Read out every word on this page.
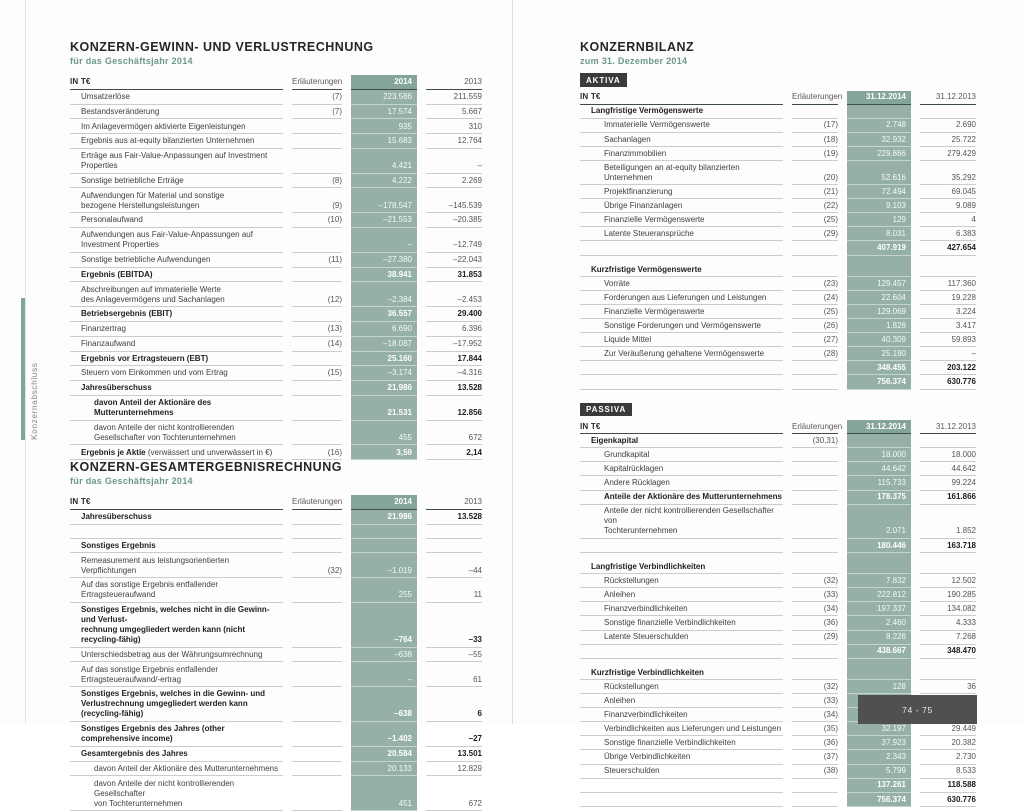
Konzernabschluss
KONZERN-GEWINN- UND VERLUSTRECHNUNG
für das Geschäftsjahr 2014
IN T€	Erläuterungen	2014	2013
Umsatzerlöse	(7)	223.586	211.559
Bestandsveränderung	(7)	17.574	5.667
Im Anlagevermögen aktivierte Eigenleistungen	935	310
Ergebnis aus at-equity bilanzierten Unternehmen	15.683	12.764
Erträge aus Fair-Value-Anpassungen auf Investment Properties	4.421	–
Sonstige betriebliche Erträge	(8)	4.222	2.269
Aufwendungen für Material und sonstige
bezogene Herstellungsleistungen	(9)	–178.547	–145.539
Personalaufwand	(10)	–21.553	–20.385
Aufwendungen aus Fair-Value-Anpassungen auf Investment Properties	–	–12.749
Sonstige betriebliche Aufwendungen	(11)	–27.380	–22.043
Ergebnis (EBITDA)	38.941	31.853
Abschreibungen auf immaterielle Werte
des Anlagevermögens und Sachanlagen	(12)	–2.384	–2.453
Betriebsergebnis (EBIT)	36.557	29.400
Finanzertrag	(13)	6.690	6.396
Finanzaufwand	(14)	–18.087	–17.952
Ergebnis vor Ertragsteuern (EBT)	25.160	17.844
Steuern vom Einkommen und vom Ertrag	(15)	–3.174	–4.316
Jahresüberschuss	21.986	13.528
davon Anteil der Aktionäre des Mutterunternehmens	21.531	12.856
davon Anteile der nicht kontrollierenden
Gesellschafter von Tochterunternehmen	455	672
Ergebnis je Aktie (verwässert und unverwässert in €)	(16)	3,59	2,14
KONZERN-GESAMTERGEBNISRECHNUNG
für das Geschäftsjahr 2014
IN T€	Erläuterungen	2014	2013
Jahresüberschuss	21.986	13.528
Sonstiges Ergebnis
Remeasurement aus leistungsorientierten Verpflichtungen	(32)	–1.019	–44
Auf das sonstige Ergebnis entfallender Ertragsteueraufwand	255	11
Sonstiges Ergebnis, welches nicht in die Gewinn- und Verlust-
rechnung umgegliedert werden kann (nicht recycling-fähig)	–764	–33
Unterschiedsbetrag aus der Währungsumrechnung	–638	–55
Auf das sonstige Ergebnis entfallender Ertragsteueraufwand/-ertrag	–	61
Sonstiges Ergebnis, welches in die Gewinn- und
Verlustrechnung umgegliedert werden kann (recycling-fähig)	–638	6
Sonstiges Ergebnis des Jahres (other comprehensive income)	–1.402	–27
Gesamtergebnis des Jahres	20.584	13.501
davon Anteil der Aktionäre des Mutterunternehmens	20.133	12.829
davon Anteile der nicht kontrollierenden Gesellschafter
von Tochterunternehmen	451	672
KONZERNBILANZ
zum 31. Dezember 2014
AKTIVA
IN T€	Erläuterungen	31.12.2014	31.12.2013
Langfristige Vermögenswerte
Immaterielle Vermögenswerte	(17)	2.748	2.690
Sachanlagen	(18)	32.932	25.722
Finanzimmobilien	(19)	229.866	279.429
Beteiligungen an at-equity bilanzierten Unternehmen	(20)	52.616	35.292
Projektfinanzierung	(21)	72.494	69.045
Übrige Finanzanlagen	(22)	9.103	9.089
Finanzielle Vermögenswerte	(25)	129	4
Latente Steueransprüche	(29)	8.031	6.383
407.919	427.654
Kurzfristige Vermögenswerte
Vorräte	(23)	129.457	117.360
Forderungen aus Lieferungen und Leistungen	(24)	22.604	19.228
Finanzielle Vermögenswerte	(25)	129.069	3.224
Sonstige Forderungen und Vermögenswerte	(26)	1.826	3.417
Liquide Mittel	(27)	40.309	59.893
Zur Veräußerung gehaltene Vermögenswerte	(28)	25.190	–
348.455	203.122
756.374	630.776
PASSIVA
IN T€	Erläuterungen	31.12.2014	31.12.2013
Eigenkapital	(30,31)
Grundkapital	18.000	18.000
Kapitalrücklagen	44.642	44.642
Andere Rücklagen	115.733	99.224
Anteile der Aktionäre des Mutterunternehmens	178.375	161.866
Anteile der nicht kontrollierenden Gesellschafter von
Tochterunternehmen	2.071	1.852
180.446	163.718
Langfristige Verbindlichkeiten
Rückstellungen	(32)	7.832	12.502
Anleihen	(33)	222.812	190.285
Finanzverbindlichkeiten	(34)	197.337	134.082
Sonstige finanzielle Verbindlichkeiten	(36)	2.460	4.333
Latente Steuerschulden	(29)	8.226	7.268
438.667	348.470
Kurzfristige Verbindlichkeiten
Rückstellungen	(32)	128	36
Anleihen	(33)
Finanzverbindlichkeiten	(34)
Verbindlichkeiten aus Lieferungen und Leistungen	(35)	32.197	29.449
Sonstige finanzielle Verbindlichkeiten	(36)	37.923	20.382
Übrige Verbindlichkeiten	(37)	2.343	2.730
Steuerschulden	(38)	5.799	8.533
137.261	118.588
756.374	630.776
74 - 75
